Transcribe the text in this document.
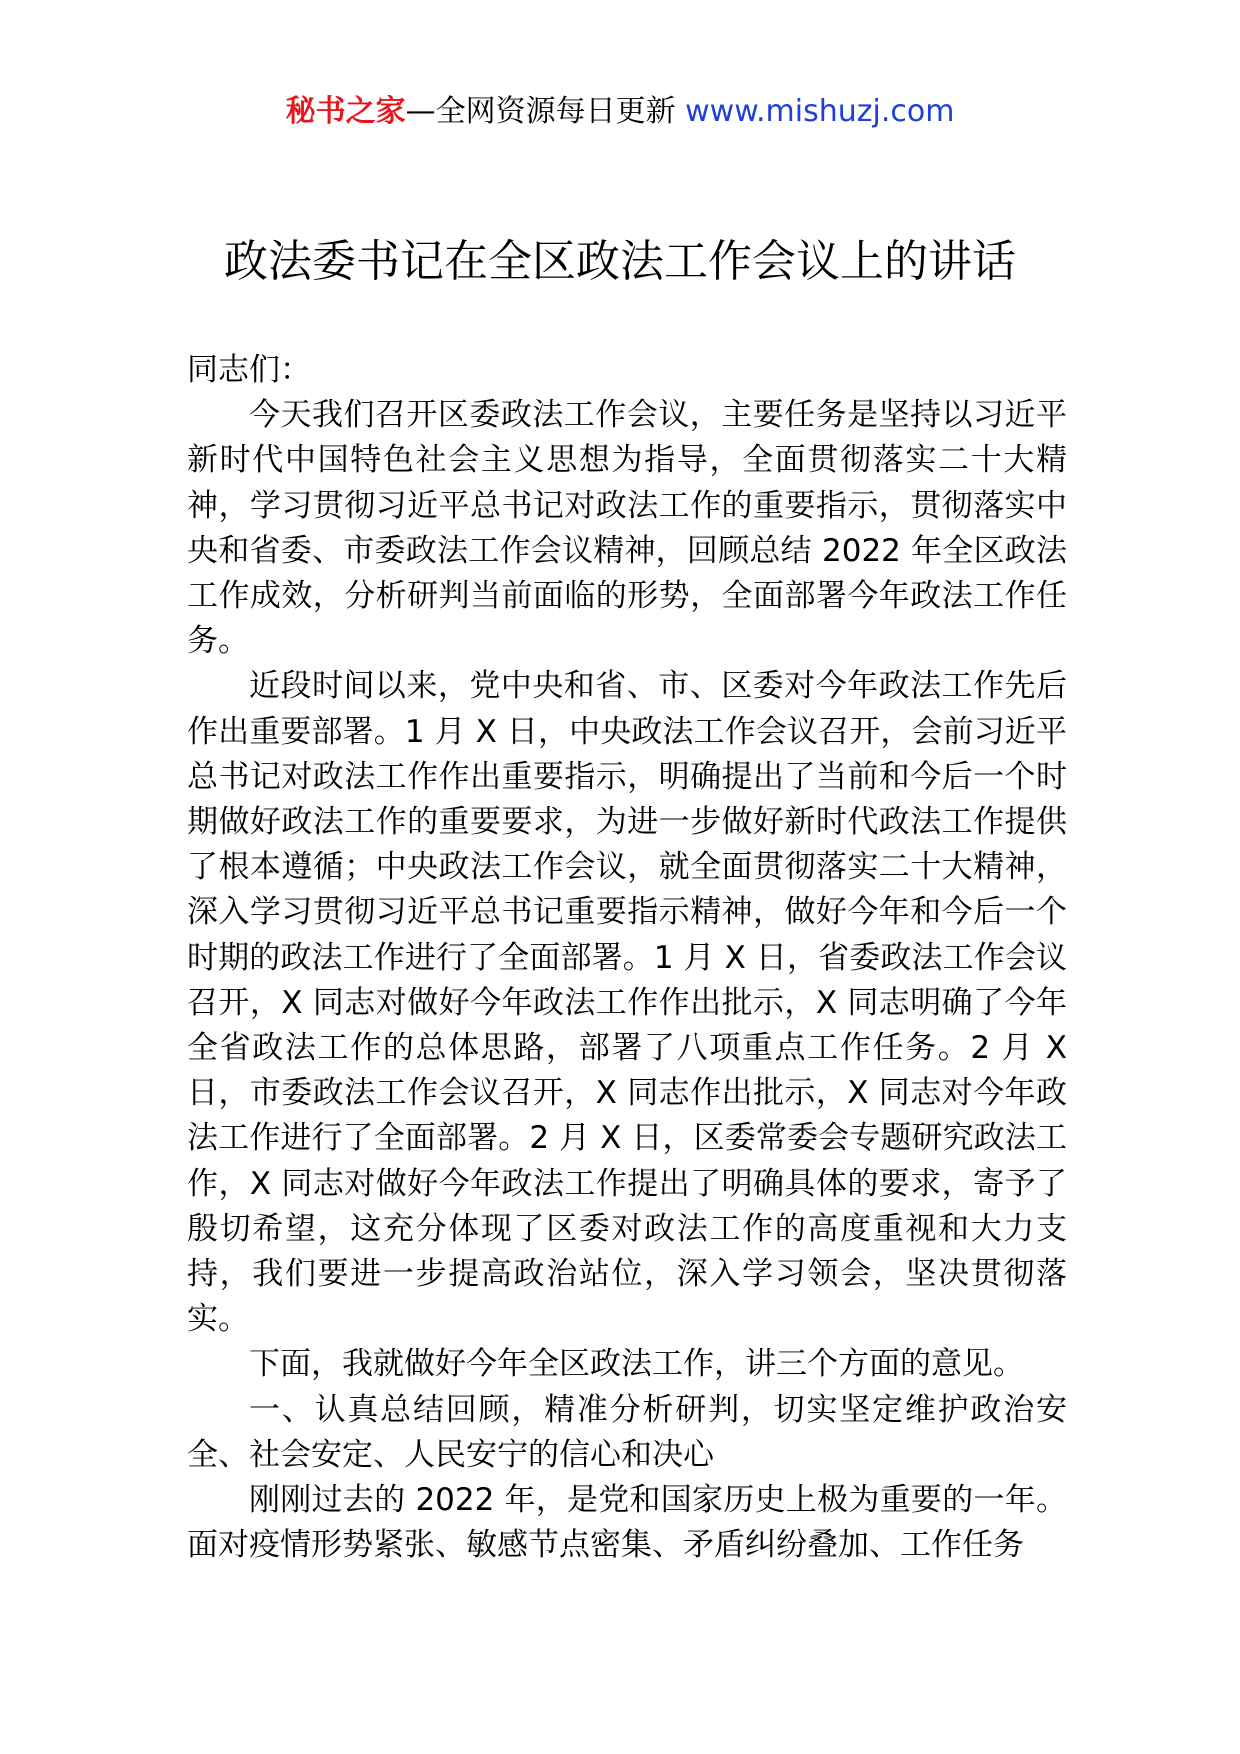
秘书之家—全网资源每日更新 www.mishuzj.com
政法委书记在全区政法工作会议上的讲话

同志们：

今天我们召开区委政法工作会议，主要任务是坚持以习近平新时代中国特色社会主义思想为指导，全面贯彻落实二十大精神，学习贯彻习近平总书记对政法工作的重要指示，贯彻落实中央和省委、市委政法工作会议精神，回顾总结 2022 年全区政法工作成效，分析研判当前面临的形势，全面部署今年政法工作任务。

近段时间以来，党中央和省、市、区委对今年政法工作先后作出重要部署。1 月 X 日，中央政法工作会议召开，会前习近平总书记对政法工作作出重要指示，明确提出了当前和今后一个时期做好政法工作的重要要求，为进一步做好新时代政法工作提供了根本遵循；中央政法工作会议，就全面贯彻落实二十大精神，深入学习贯彻习近平总书记重要指示精神，做好今年和今后一个时期的政法工作进行了全面部署。1 月 X 日，省委政法工作会议召开，X 同志对做好今年政法工作作出批示，X 同志明确了今年全省政法工作的总体思路，部署了八项重点工作任务。2 月 X 日，市委政法工作会议召开，X 同志作出批示，X 同志对今年政法工作进行了全面部署。2 月 X 日，区委常委会专题研究政法工作，X 同志对做好今年政法工作提出了明确具体的要求，寄予了殷切希望，这充分体现了区委对政法工作的高度重视和大力支持，我们要进一步提高政治站位，深入学习领会，坚决贯彻落实。

下面，我就做好今年全区政法工作，讲三个方面的意见。

一、认真总结回顾，精准分析研判，切实坚定维护政治安全、社会安定、人民安宁的信心和决心

刚刚过去的 2022 年，是党和国家历史上极为重要的一年。面对疫情形势紧张、敏感节点密集、矛盾纠纷叠加、工作任务
